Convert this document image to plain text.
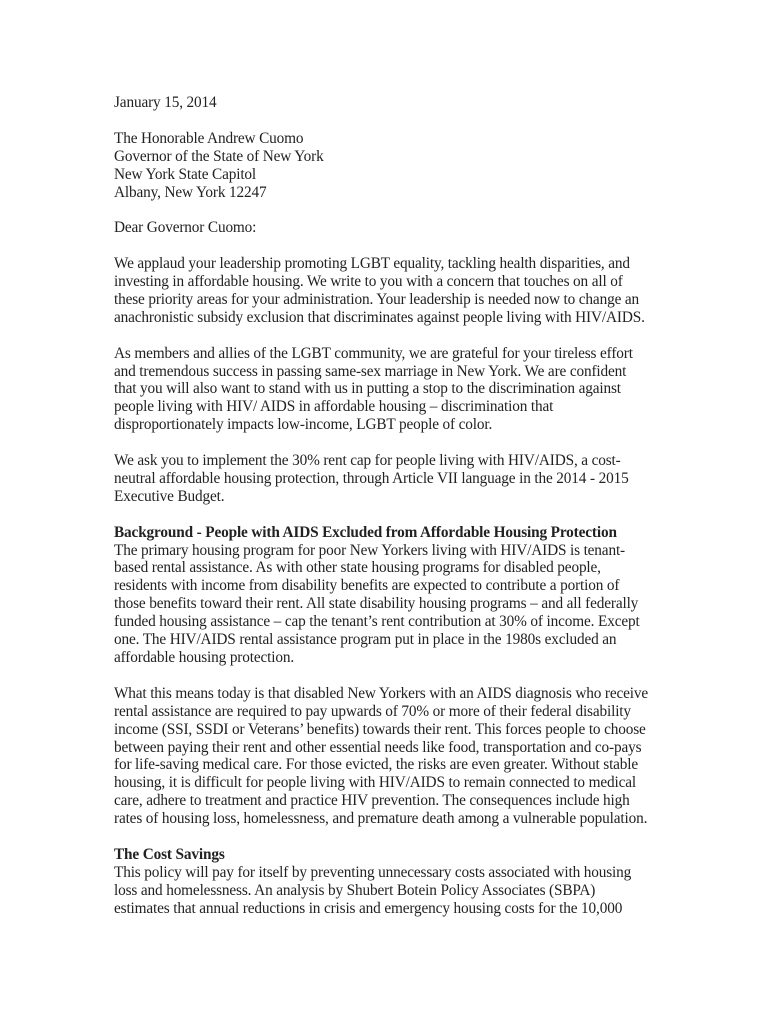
January 15, 2014
The Honorable Andrew Cuomo
Governor of the State of New York
New York State Capitol
Albany, New York 12247
Dear Governor Cuomo:
We applaud your leadership promoting LGBT equality, tackling health disparities, and
investing in affordable housing. We write to you with a concern that touches on all of
these priority areas for your administration. Your leadership is needed now to change an
anachronistic subsidy exclusion that discriminates against people living with HIV/AIDS.
As members and allies of the LGBT community, we are grateful for your tireless effort
and tremendous success in passing same-sex marriage in New York. We are confident
that you will also want to stand with us in putting a stop to the discrimination against
people living with HIV/ AIDS in affordable housing – discrimination that
disproportionately impacts low-income, LGBT people of color.
We ask you to implement the 30% rent cap for people living with HIV/AIDS, a cost-
neutral affordable housing protection, through Article VII language in the 2014 - 2015
Executive Budget.
Background - People with AIDS Excluded from Affordable Housing Protection
The primary housing program for poor New Yorkers living with HIV/AIDS is tenant-
based rental assistance. As with other state housing programs for disabled people,
residents with income from disability benefits are expected to contribute a portion of
those benefits toward their rent. All state disability housing programs – and all federally
funded housing assistance – cap the tenant’s rent contribution at 30% of income. Except
one. The HIV/AIDS rental assistance program put in place in the 1980s excluded an
affordable housing protection.
What this means today is that disabled New Yorkers with an AIDS diagnosis who receive
rental assistance are required to pay upwards of 70% or more of their federal disability
income (SSI, SSDI or Veterans’ benefits) towards their rent. This forces people to choose
between paying their rent and other essential needs like food, transportation and co-pays
for life-saving medical care. For those evicted, the risks are even greater. Without stable
housing, it is difficult for people living with HIV/AIDS to remain connected to medical
care, adhere to treatment and practice HIV prevention. The consequences include high
rates of housing loss, homelessness, and premature death among a vulnerable population.
The Cost Savings
This policy will pay for itself by preventing unnecessary costs associated with housing
loss and homelessness. An analysis by Shubert Botein Policy Associates (SBPA)
estimates that annual reductions in crisis and emergency housing costs for the 10,000
